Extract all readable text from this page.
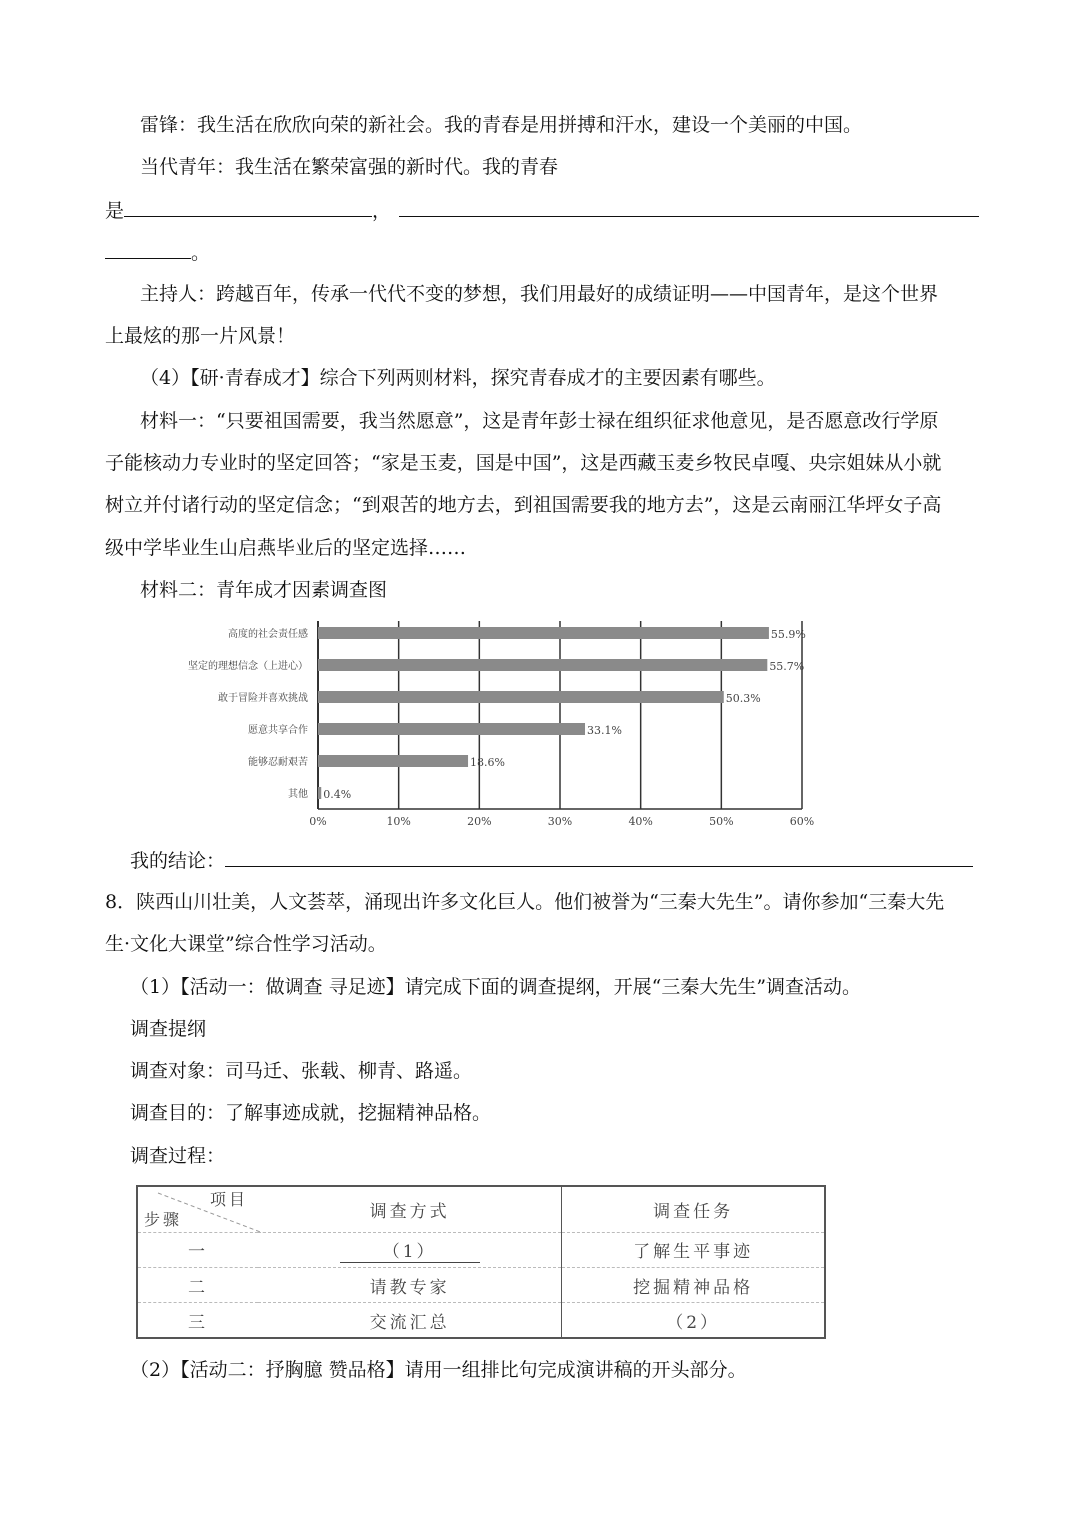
雷锋：我生活在欣欣向荣的新社会。我的青春是用拼搏和汗水，建设一个美丽的中国。
当代青年：我生活在繁荣富强的新时代。我的青春
是	，
。
主持人：跨越百年，传承一代代不变的梦想，我们用最好的成绩证明——中国青年，是这个世界
上最炫的那一片风景！
（4）【研·青春成才】综合下列两则材料，探究青春成才的主要因素有哪些。
材料一：“只要祖国需要，我当然愿意”，这是青年彭士禄在组织征求他意见，是否愿意改行学原
子能核动力专业时的坚定回答；“家是玉麦，国是中国”，这是西藏玉麦乡牧民卓嘎、央宗姐妹从小就
树立并付诸行动的坚定信念；“到艰苦的地方去，到祖国需要我的地方去”，这是云南丽江华坪女子高
级中学毕业生山启燕毕业后的坚定选择……
材料二：青年成才因素调查图
0%	10%	20%	30%	40%	50%	60%
高度的社会责任感	55.9%
坚定的理想信念（上进心）	55.7%
敢于冒险并喜欢挑战	50.3%
愿意共享合作	33.1%
能够忍耐艰苦	18.6%
其他 0.4%
我的结论：
8．陕西山川壮美，人文荟萃，涌现出许多文化巨人。他们被誉为“三秦大先生”。请你参加“三秦大先
生·文化大课堂”综合性学习活动。
（1）【活动一：做调查 寻足迹】请完成下面的调查提纲，开展“三秦大先生”调查活动。
调查提纲
调查对象：司马迁、张载、柳青、路遥。
调查目的：了解事迹成就，挖掘精神品格。
调查过程：
项目
步骤	调查方式	调查任务
一	（1）	了解生平事迹
二	请教专家	挖掘精神品格
三	交流汇总	（2）
（2）【活动二：抒胸臆 赞品格】请用一组排比句完成演讲稿的开头部分。
